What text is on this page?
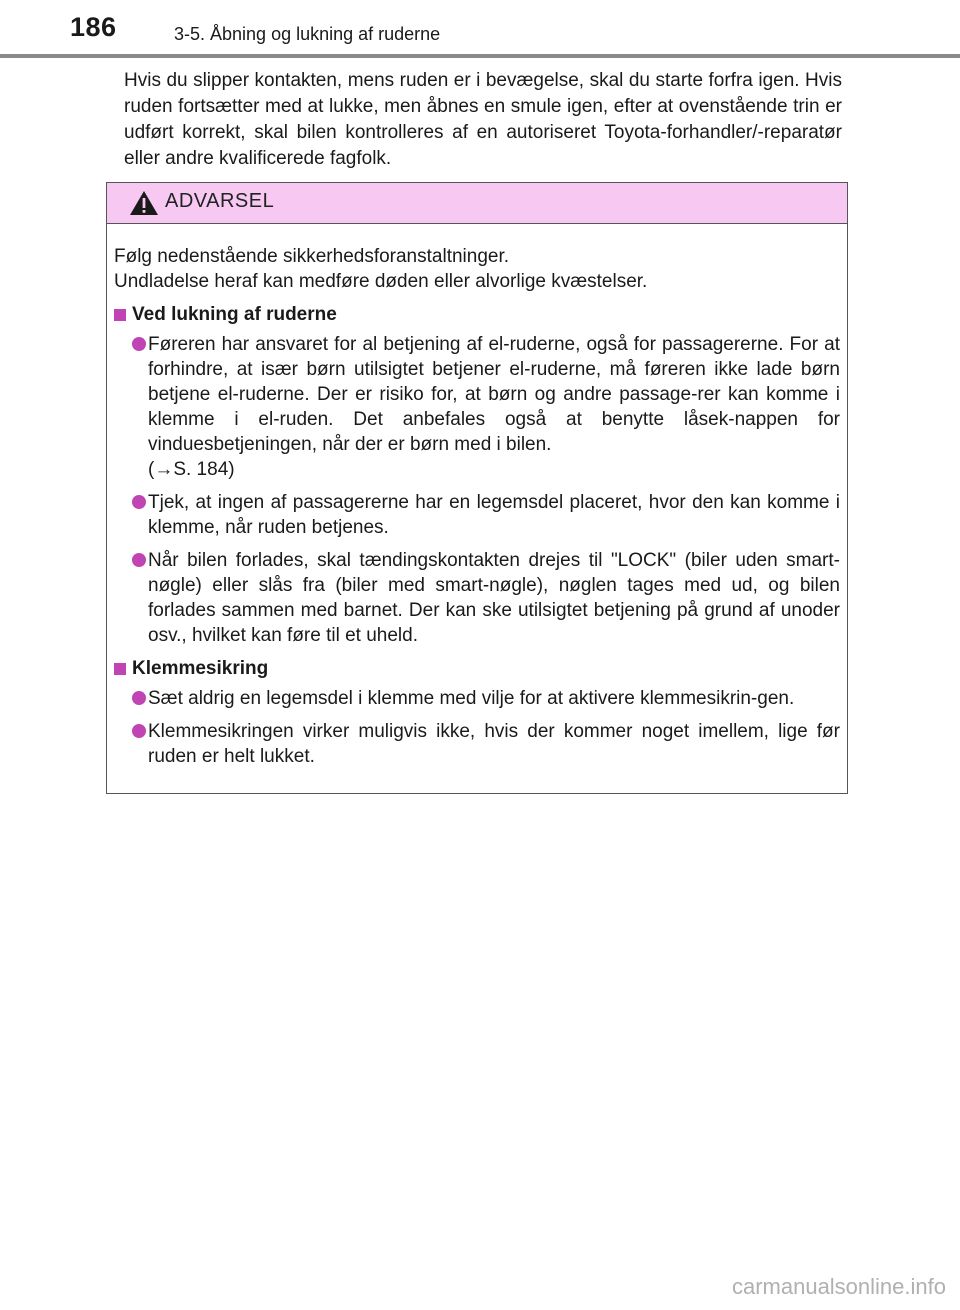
186	3-5. Åbning og lukning af ruderne

Hvis du slipper kontakten, mens ruden er i bevægelse, skal du starte forfra igen. Hvis ruden fortsætter med at lukke, men åbnes en smule igen, efter at ovenstående trin er udført korrekt, skal bilen kontrolleres af en autoriseret Toyota-forhandler/-reparatør eller andre kvalificerede fagfolk.

ADVARSEL
Følg nedenstående sikkerhedsforanstaltninger.
Undladelse heraf kan medføre døden eller alvorlige kvæstelser.
Ved lukning af ruderne
Føreren har ansvaret for al betjening af el-ruderne, også for passagererne. For at forhindre, at især børn utilsigtet betjener el-ruderne, må føreren ikke lade børn betjene el-ruderne. Der er risiko for, at børn og andre passage-rer kan komme i klemme i el-ruden. Det anbefales også at benytte låsek-nappen for vinduesbetjeningen, når der er børn med i bilen.
(→S. 184)
Tjek, at ingen af passagererne har en legemsdel placeret, hvor den kan komme i klemme, når ruden betjenes.
Når bilen forlades, skal tændingskontakten drejes til "LOCK" (biler uden smart-nøgle) eller slås fra (biler med smart-nøgle), nøglen tages med ud, og bilen forlades sammen med barnet. Der kan ske utilsigtet betjening på grund af unoder osv., hvilket kan føre til et uheld.
Klemmesikring
Sæt aldrig en legemsdel i klemme med vilje for at aktivere klemmesikrin-gen.
Klemmesikringen virker muligvis ikke, hvis der kommer noget imellem, lige før ruden er helt lukket.
carmanualsonline.info
